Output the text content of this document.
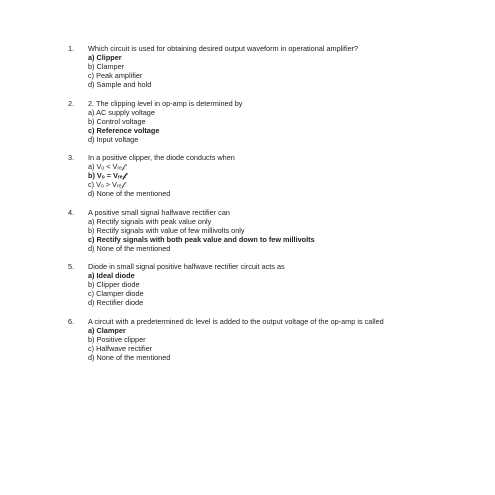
1. Which circuit is used for obtaining desired output waveform in operational amplifier?

a) Clipper
b) Clamper
c) Peak amplifier
d) Sample and hold
2. 2. The clipping level in op-amp is determined by

a) AC supply voltage
b) Control voltage
c) Reference voltage
d) Input voltage
3. In a positive clipper, the diode conducts when

a) Vₒ < Vᵣₑ𝒻
b) Vₒ = Vᵣₑ𝒻
c) Vₒ > Vᵣₑ𝒻
d) None of the mentioned
4. A positive small signal halfwave rectifier can

a) Rectify signals with peak value only
b) Rectify signals with value of few millivolts only
c) Rectify signals with both peak value and down to few millivolts
d) None of the mentioned
5. Diode in small signal positive halfwave rectifier circuit acts as

a) Ideal diode
b) Clipper diode
c) Clamper diode
d) Rectifier diode
6. A circuit with a predetermined dc level is added to the output voltage of the op-amp is called

a) Clamper
b) Positive clipper
c) Halfwave rectifier
d) None of the mentioned
